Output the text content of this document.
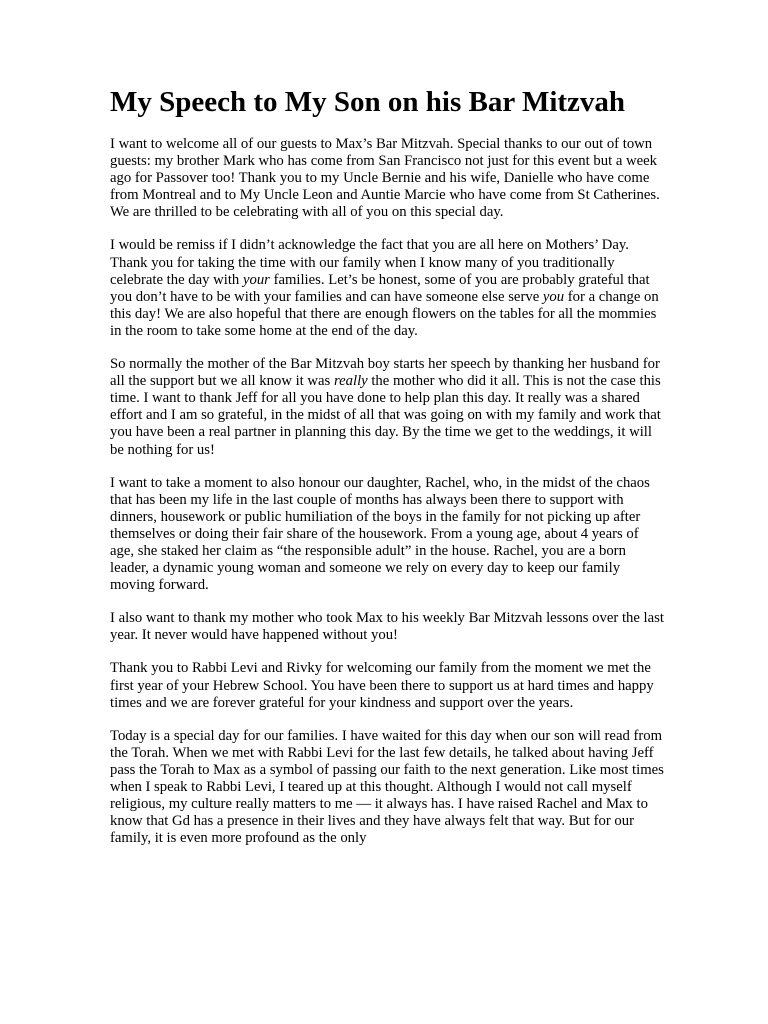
My Speech to My Son on his Bar Mitzvah

I want to welcome all of our guests to Max’s Bar Mitzvah. Special thanks to our out of town guests: my brother Mark who has come from San Francisco not just for this event but a week ago for Passover too! Thank you to my Uncle Bernie and his wife, Danielle who have come from Montreal and to My Uncle Leon and Auntie Marcie who have come from St Catherines. We are thrilled to be celebrating with all of you on this special day.

I would be remiss if I didn’t acknowledge the fact that you are all here on Mothers’ Day. Thank you for taking the time with our family when I know many of you traditionally celebrate the day with your families. Let’s be honest, some of you are probably grateful that you don’t have to be with your families and can have someone else serve you for a change on this day! We are also hopeful that there are enough flowers on the tables for all the mommies in the room to take some home at the end of the day.

So normally the mother of the Bar Mitzvah boy starts her speech by thanking her husband for all the support but we all know it was really the mother who did it all. This is not the case this time. I want to thank Jeff for all you have done to help plan this day. It really was a shared effort and I am so grateful, in the midst of all that was going on with my family and work that you have been a real partner in planning this day. By the time we get to the weddings, it will be nothing for us!

I want to take a moment to also honour our daughter, Rachel, who, in the midst of the chaos that has been my life in the last couple of months has always been there to support with dinners, housework or public humiliation of the boys in the family for not picking up after themselves or doing their fair share of the housework. From a young age, about 4 years of age, she staked her claim as “the responsible adult” in the house. Rachel, you are a born leader, a dynamic young woman and someone we rely on every day to keep our family moving forward.

I also want to thank my mother who took Max to his weekly Bar Mitzvah lessons over the last year. It never would have happened without you!

Thank you to Rabbi Levi and Rivky for welcoming our family from the moment we met the first year of your Hebrew School. You have been there to support us at hard times and happy times and we are forever grateful for your kindness and support over the years.

Today is a special day for our families. I have waited for this day when our son will read from the Torah. When we met with Rabbi Levi for the last few details, he talked about having Jeff pass the Torah to Max as a symbol of passing our faith to the next generation. Like most times when I speak to Rabbi Levi, I teared up at this thought. Although I would not call myself religious, my culture really matters to me — it always has. I have raised Rachel and Max to know that Gd has a presence in their lives and they have always felt that way. But for our family, it is even more profound as the only
